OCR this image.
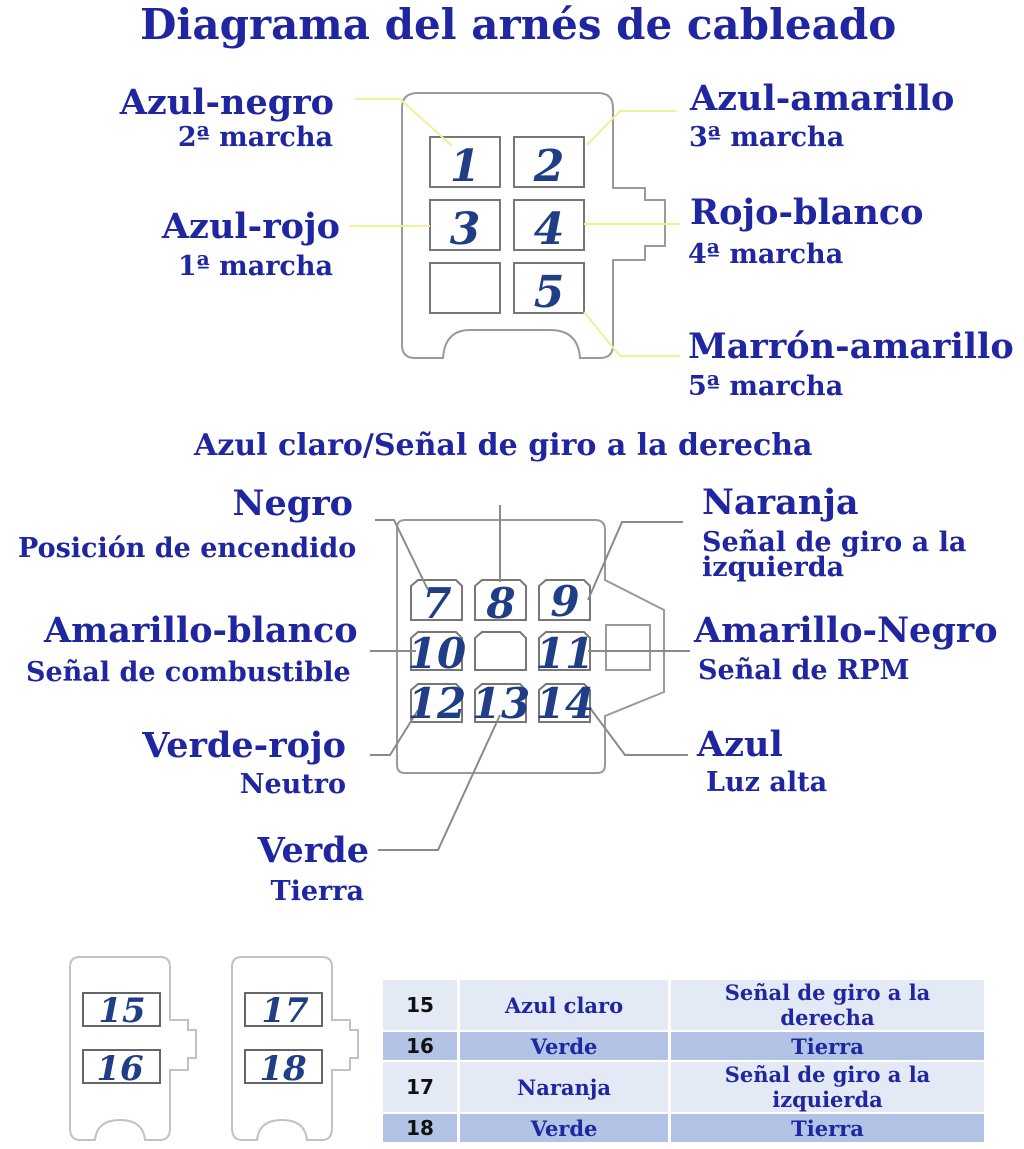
Diagrama del arnés de cableado
1 2
3 4
5
7 8 9
10 11
12 13 14
15
16
17
18
Azul-negro
2ª marcha
Azul-amarillo
3ª marcha
Azul-rojo
1ª marcha
Rojo-blanco
4ª marcha
Marrón-amarillo
5ª marcha
Azul claro/Señal de giro a la derecha
Negro
Posición de encendido
Naranja
Señal de giro a la
izquierda
Amarillo-blanco
Señal de combustible
Amarillo-Negro
Señal de RPM
Verde-rojo
Neutro
Azul
Luz alta
Verde
Tierra
15	Azul claro	Señal de giro a la derecha
16	Verde	Tierra
17	Naranja	Señal de giro a la izquierda
18	Verde	Tierra
